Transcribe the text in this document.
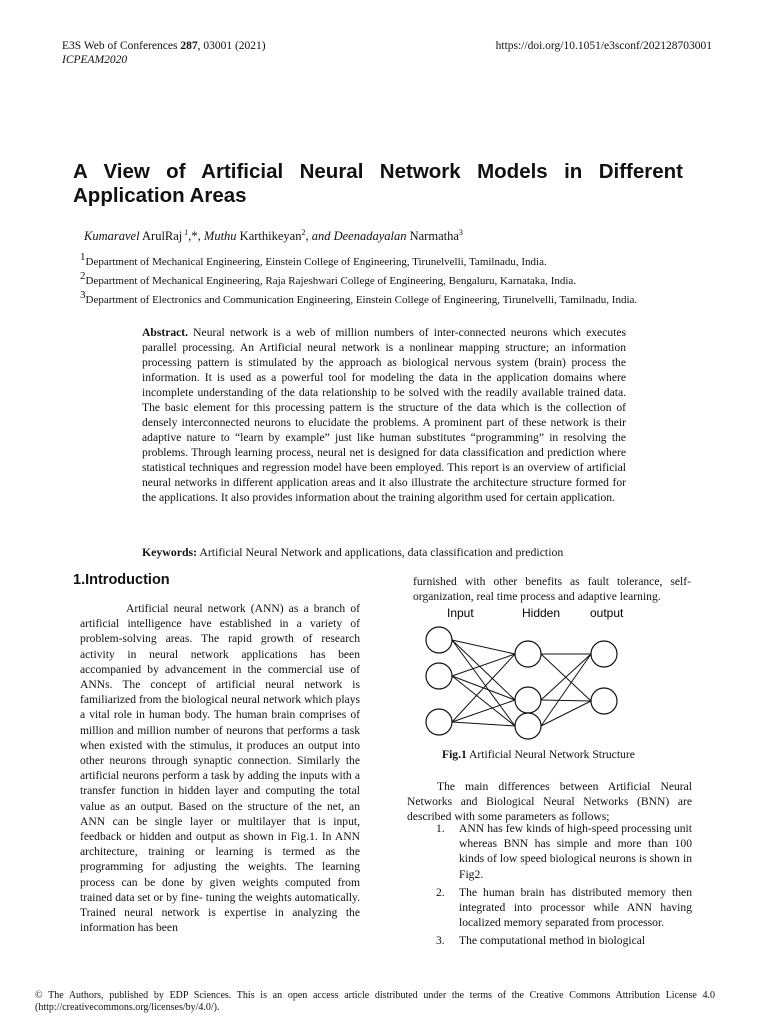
E3S Web of Conferences 287, 03001 (2021)
ICPEAM2020
https://doi.org/10.1051/e3sconf/202128703001
A View of Artificial Neural Network Models in Different Application Areas
Kumaravel ArulRaj $^1$,*, Muthu Karthikeyan$^2$, and Deenadayalan Narmatha$^3$
$^1$Department of Mechanical Engineering, Einstein College of Engineering, Tirunelvelli, Tamilnadu, India.
$^2$Department of Mechanical Engineering, Raja Rajeshwari College of Engineering, Bengaluru, Karnataka, India.
$^3$Department of Electronics and Communication Engineering, Einstein College of Engineering, Tirunelvelli, Tamilnadu, India.
Abstract. Neural network is a web of million numbers of inter-connected neurons which executes parallel processing. An Artificial neural network is a nonlinear mapping structure; an information processing pattern is stimulated by the approach as biological nervous system (brain) process the information. It is used as a powerful tool for modeling the data in the application domains where incomplete understanding of the data relationship to be solved with the readily available trained data. The basic element for this processing pattern is the structure of the data which is the collection of densely interconnected neurons to elucidate the problems. A prominent part of these network is their adaptive nature to “learn by example” just like human substitutes “programming” in resolving the problems. Through learning process, neural net is designed for data classification and prediction where statistical techniques and regression model have been employed. This report is an overview of artificial neural networks in different application areas and it also illustrate the architecture structure formed for the applications. It also provides information about the training algorithm used for certain application.
Keywords: Artificial Neural Network and applications, data classification and prediction
1.Introduction
Artificial neural network (ANN) as a branch of artificial intelligence have established in a variety of problem-solving areas. The rapid growth of research activity in neural network applications has been accompanied by advancement in the commercial use of ANNs. The concept of artificial neural network is familiarized from the biological neural network which plays a vital role in human body. The human brain comprises of million and million number of neurons that performs a task when existed with the stimulus, it produces an output into other neurons through synaptic connection. Similarly the artificial neurons perform a task by adding the inputs with a transfer function in hidden layer and computing the total value as an output. Based on the structure of the net, an ANN can be single layer or multilayer that is input, feedback or hidden and output as shown in Fig.1. In ANN architecture, training or learning is termed as the programming for adjusting the weights. The learning process can be done by given weights computed from trained data set or by fine- tuning the weights automatically. Trained neural network is expertise in analyzing the information has been
furnished with other benefits as fault tolerance, self-organization, real time process and adaptive learning.
Input	Hidden output
Fig.1 Artificial Neural Network Structure
The main differences between Artificial Neural Networks and Biological Neural Networks (BNN) are described with some parameters as follows;
1.	ANN has few kinds of high-speed processing unit whereas BNN has simple and more than 100 kinds of low speed biological neurons is shown in Fig2.
2.	The human brain has distributed memory then integrated into processor while ANN having localized memory separated from processor.
3.	The computational method in biological
© The Authors, published by EDP Sciences. This is an open access article distributed under the terms of the Creative Commons Attribution License 4.0 (http://creativecommons.org/licenses/by/4.0/).
